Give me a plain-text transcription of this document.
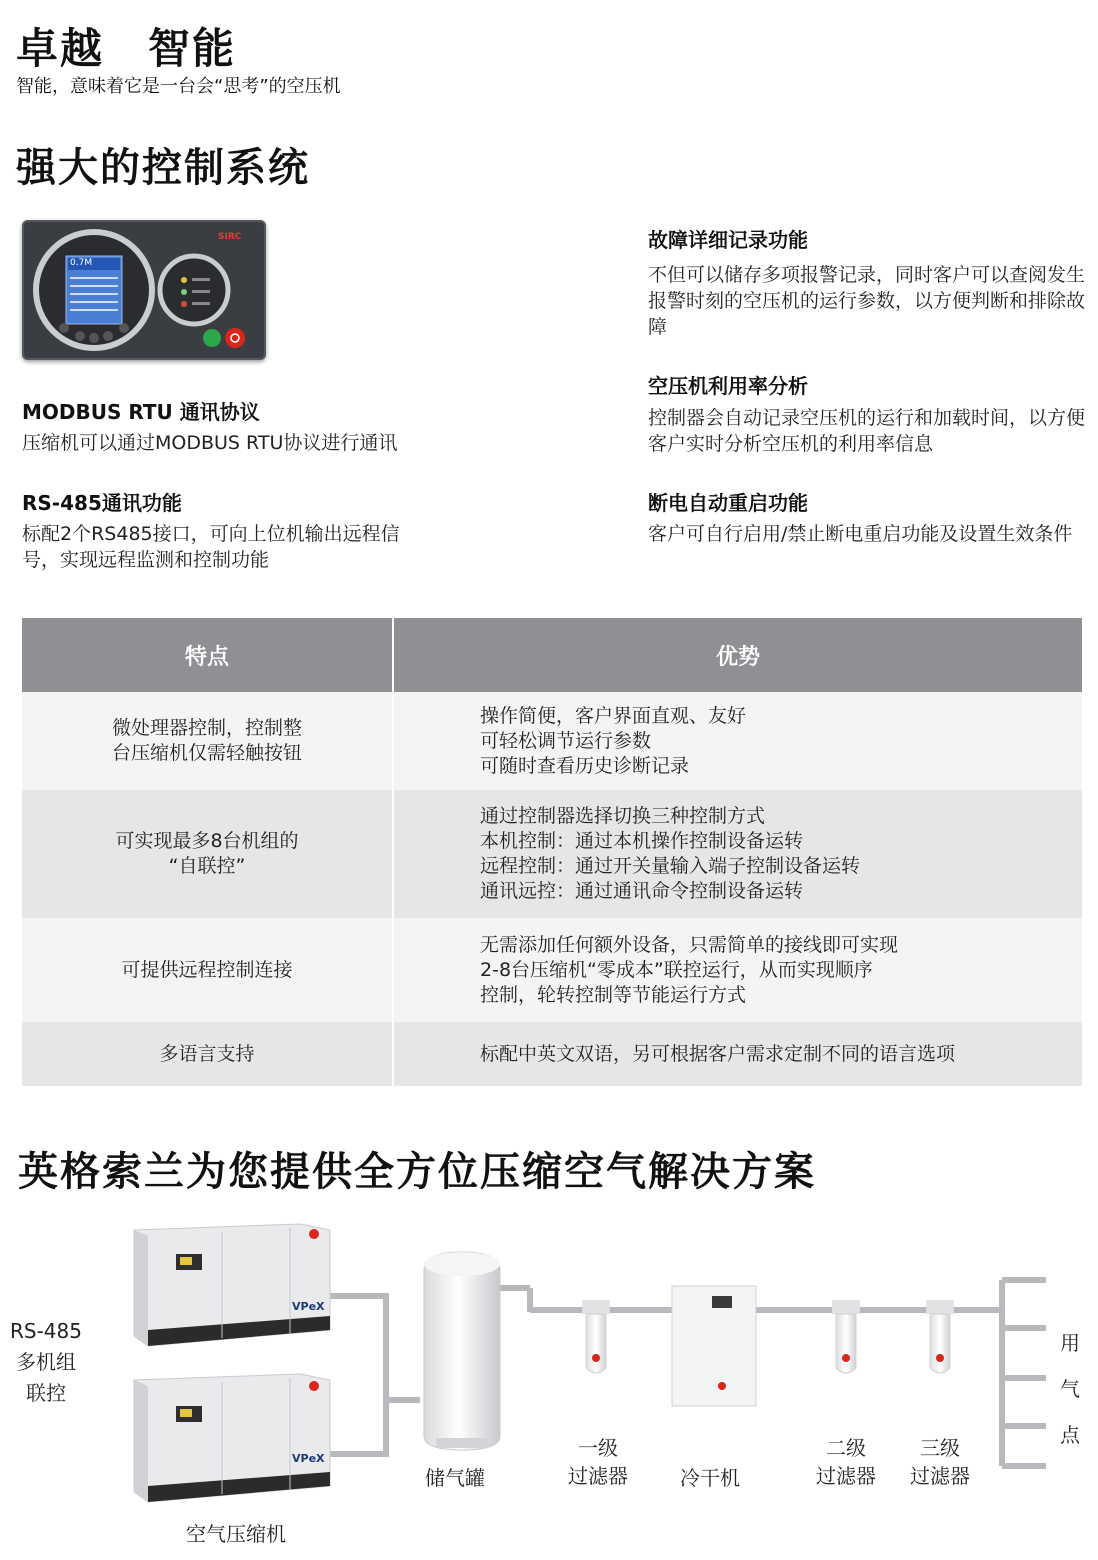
卓越　智能
智能，意味着它是一台会“思考”的空压机
强大的控制系统
SIRC
0.7M
MODBUS RTU 通讯协议
压缩机可以通过MODBUS RTU协议进行通讯
RS-485通讯功能
标配2个RS485接口，可向上位机输出远程信号，实现远程监测和控制功能
故障详细记录功能
不但可以储存多项报警记录，同时客户可以查阅发生报警时刻的空压机的运行参数，以方便判断和排除故障
空压机利用率分析
控制器会自动记录空压机的运行和加载时间，以方便客户实时分析空压机的利用率信息
断电自动重启功能
客户可自行启用/禁止断电重启功能及设置生效条件
特点	优势

微处理器控制，控制整
台压缩机仅需轻触按钮	操作简便，客户界面直观、友好
可轻松调节运行参数
可随时查看历史诊断记录

可实现最多8台机组的
“自联控”	通过控制器选择切换三种控制方式
本机控制：通过本机操作控制设备运转
远程控制：通过开关量输入端子控制设备运转
通讯远控：通过通讯命令控制设备运转

可提供远程控制连接	无需添加任何额外设备，只需简单的接线即可实现
2-8台压缩机“零成本”联控运行，从而实现顺序
控制，轮转控制等节能运行方式

多语言支持	标配中英文双语，另可根据客户需求定制不同的语言选项
英格索兰为您提供全方位压缩空气解决方案
VPeX
VPeX
RS-485
多机组
联控
空气压缩机
储气罐
一级
过滤器	冷干机
二级
过滤器
三级
过滤器
用
气
点
